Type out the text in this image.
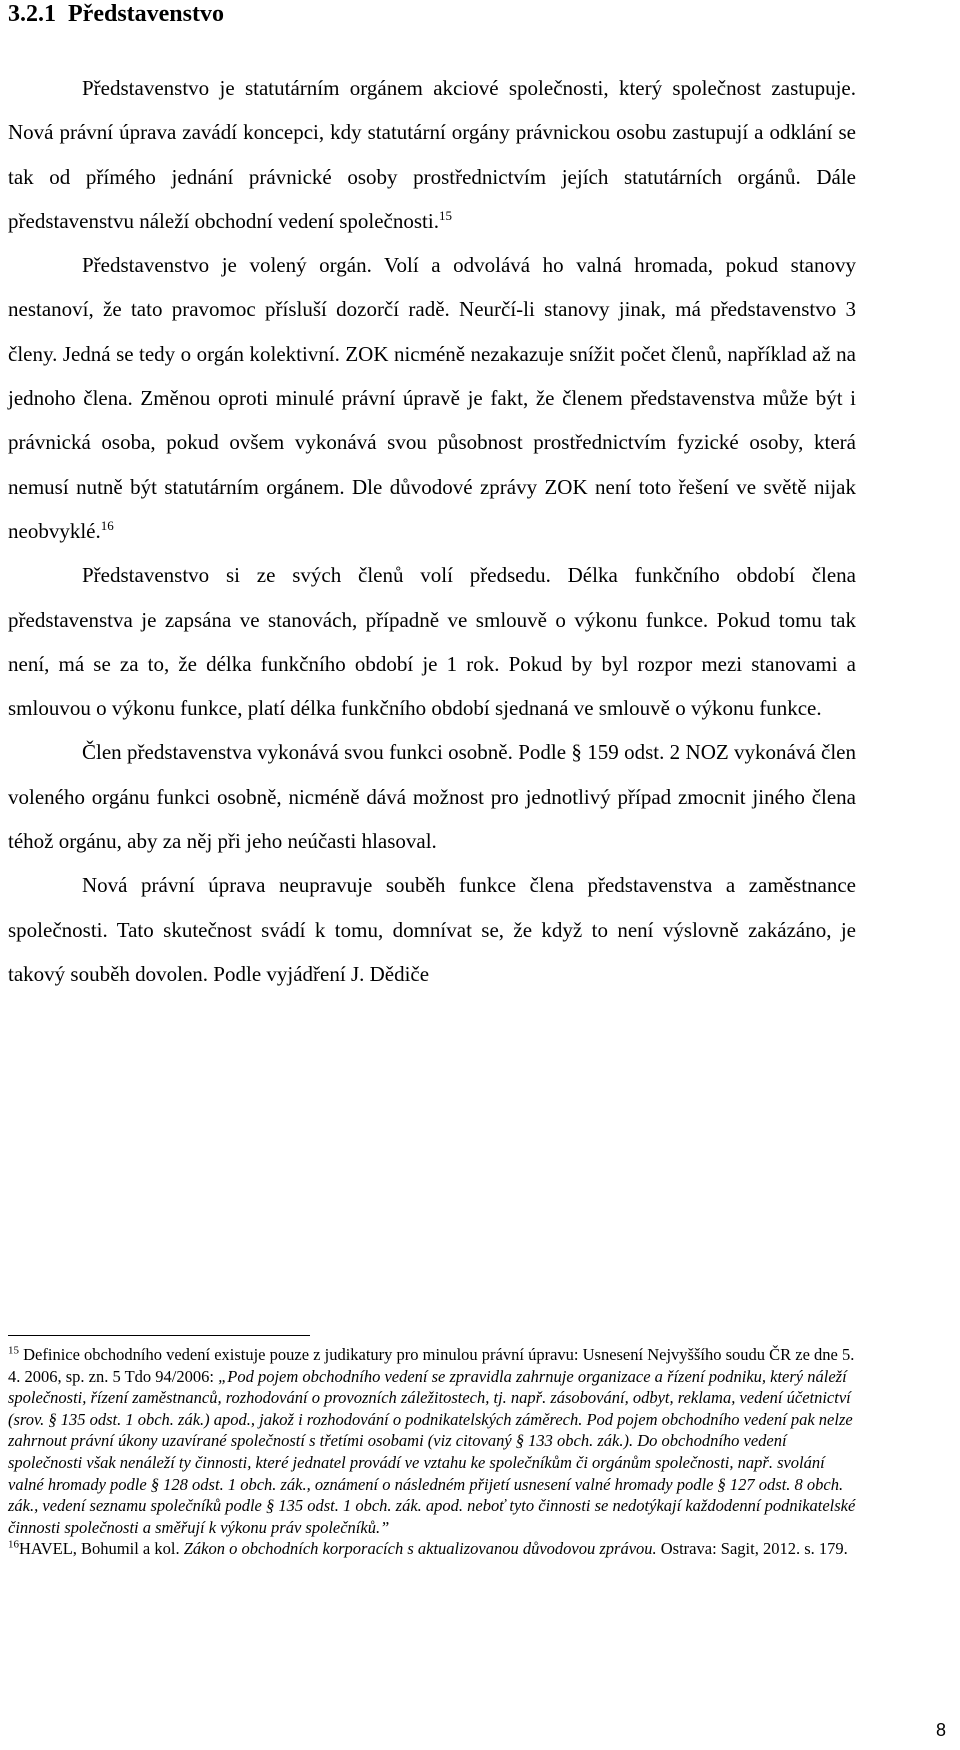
3.2.1 Představenstvo

Představenstvo je statutárním orgánem akciové společnosti, který společnost zastupuje. Nová právní úprava zavádí koncepci, kdy statutární orgány právnickou osobu zastupují a odklání se tak od přímého jednání právnické osoby prostřednictvím jejích statutárních orgánů. Dále představenstvu náleží obchodní vedení společnosti.$^{15}$

Představenstvo je volený orgán. Volí a odvolává ho valná hromada, pokud stanovy nestanoví, že tato pravomoc přísluší dozorčí radě. Neurčí-li stanovy jinak, má představenstvo 3 členy. Jedná se tedy o orgán kolektivní. ZOK nicméně nezakazuje snížit počet členů, například až na jednoho člena. Změnou oproti minulé právní úpravě je fakt, že členem představenstva může být i právnická osoba, pokud ovšem vykonává svou působnost prostřednictvím fyzické osoby, která nemusí nutně být statutárním orgánem. Dle důvodové zprávy ZOK není toto řešení ve světě nijak neobvyklé.$^{16}$

Představenstvo si ze svých členů volí předsedu. Délka funkčního období člena představenstva je zapsána ve stanovách, případně ve smlouvě o výkonu funkce. Pokud tomu tak není, má se za to, že délka funkčního období je 1 rok. Pokud by byl rozpor mezi stanovami a smlouvou o výkonu funkce, platí délka funkčního období sjednaná ve smlouvě o výkonu funkce.

Člen představenstva vykonává svou funkci osobně. Podle § 159 odst. 2 NOZ vykonává člen voleného orgánu funkci osobně, nicméně dává možnost pro jednotlivý případ zmocnit jiného člena téhož orgánu, aby za něj při jeho neúčasti hlasoval.

Nová právní úprava neupravuje souběh funkce člena představenstva a zaměstnance společnosti. Tato skutečnost svádí k tomu, domnívat se, že když to není výslovně zakázáno, je takový souběh dovolen. Podle vyjádření J. Dědiče

$^{15}$ Definice obchodního vedení existuje pouze z judikatury pro minulou právní úpravu: Usnesení Nejvyššího soudu ČR ze dne 5. 4. 2006, sp. zn. 5 Tdo 94/2006: „Pod pojem obchodního vedení se zpravidla zahrnuje organizace a řízení podniku, který náleží společnosti, řízení zaměstnanců, rozhodování o provozních záležitostech, tj. např. zásobování, odbyt, reklama, vedení účetnictví (srov. § 135 odst. 1 obch. zák.) apod., jakož i rozhodování o podnikatelských záměrech. Pod pojem obchodního vedení pak nelze zahrnout právní úkony uzavírané společností s třetími osobami (viz citovaný § 133 obch. zák.). Do obchodního vedení společnosti však nenáleží ty činnosti, které jednatel provádí ve vztahu ke společníkům či orgánům společnosti, např. svolání valné hromady podle § 128 odst. 1 obch. zák., oznámení o následném přijetí usnesení valné hromady podle § 127 odst. 8 obch. zák., vedení seznamu společníků podle § 135 odst. 1 obch. zák. apod. neboť tyto činnosti se nedotýkají každodenní podnikatelské činnosti společnosti a směřují k výkonu práv společníků.”

$^{16}$HAVEL, Bohumil a kol. Zákon o obchodních korporacích s aktualizovanou důvodovou zprávou. Ostrava: Sagit, 2012. s. 179.

8
